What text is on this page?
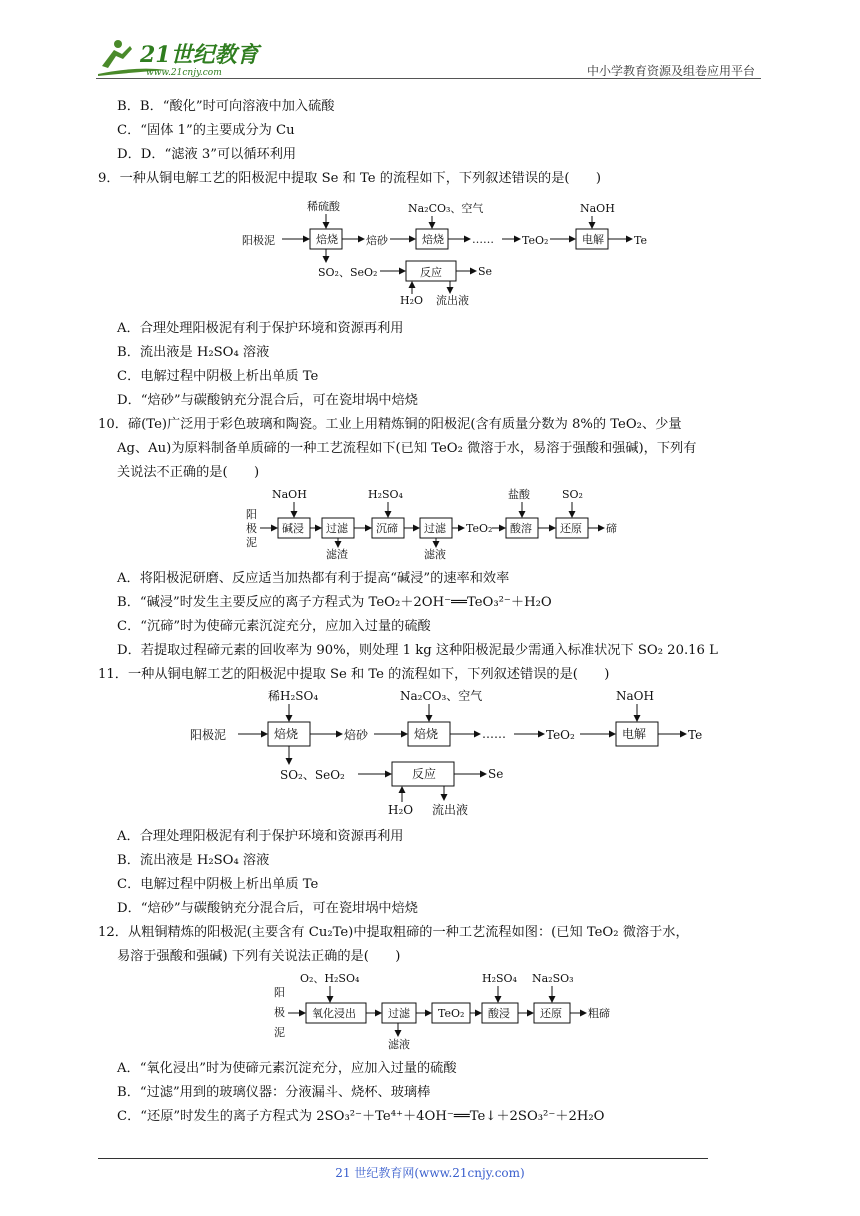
21世纪教育
www.21cnjy.com	中小学教育资源及组卷应用平台
B．B．“酸化”时可向溶液中加入硫酸
C．“固体 1”的主要成分为 Cu
D．D．“滤液 3”可以循环利用
9．一种从铜电解工艺的阳极泥中提取 Se 和 Te 的流程如下，下列叙述错误的是(　　)
阳极泥
稀硫酸
焙烧	焙砂
Na₂CO₃、空气
焙烧	……	TeO₂
NaOH
电解	Te
SO₂、SeO₂	反应	Se
H₂O 流出液
A．合理处理阳极泥有利于保护环境和资源再利用
B．流出液是 H₂SO₄ 溶液
C．电解过程中阴极上析出单质 Te
D．“焙砂”与碳酸钠充分混合后，可在瓷坩埚中焙烧
10．碲(Te)广泛用于彩色玻璃和陶瓷。工业上用精炼铜的阳极泥(含有质量分数为 8%的 TeO₂、少量
Ag、Au)为原料制备单质碲的一种工艺流程如下(已知 TeO₂ 微溶于水，易溶于强酸和强碱)，下列有
关说法不正确的是(　　)
阳
极
泥
NaOH
碱浸 过滤
滤渣
H₂SO₄
沉碲 过滤
滤液
TeO₂
盐酸
酸溶
SO₂
还原 碲
A．将阳极泥研磨、反应适当加热都有利于提高“碱浸”的速率和效率
B．“碱浸”时发生主要反应的离子方程式为 TeO₂＋2OH⁻══TeO₃²⁻＋H₂O
C．“沉碲”时为使碲元素沉淀充分，应加入过量的硫酸
D．若提取过程碲元素的回收率为 90%，则处理 1 kg 这种阳极泥最少需通入标准状况下 SO₂ 20.16 L
11．一种从铜电解工艺的阳极泥中提取 Se 和 Te 的流程如下，下列叙述错误的是(　　)
阳极泥
稀H₂SO₄
焙烧	焙砂
Na₂CO₃、空气
焙烧	……	TeO₂
NaOH
电解	Te
SO₂、SeO₂	反应	Se
H₂O 流出液
A．合理处理阳极泥有利于保护环境和资源再利用
B．流出液是 H₂SO₄ 溶液
C．电解过程中阴极上析出单质 Te
D．“焙砂”与碳酸钠充分混合后，可在瓷坩埚中焙烧
12．从粗铜精炼的阳极泥(主要含有 Cu₂Te)中提取粗碲的一种工艺流程如图：(已知 TeO₂ 微溶于水，
易溶于强酸和强碱) 下列有关说法正确的是(　　)
阳
极
泥
O₂、H₂SO₄
氧化浸出	过滤
滤液
TeO₂
H₂SO₄
酸浸
Na₂SO₃
还原 粗碲
A．“氧化浸出”时为使碲元素沉淀充分，应加入过量的硫酸
B．“过滤”用到的玻璃仪器：分液漏斗、烧杯、玻璃棒
C．“还原”时发生的离子方程式为 2SO₃²⁻＋Te⁴⁺＋4OH⁻══Te↓＋2SO₃²⁻＋2H₂O
21 世纪教育网(www.21cnjy.com)
